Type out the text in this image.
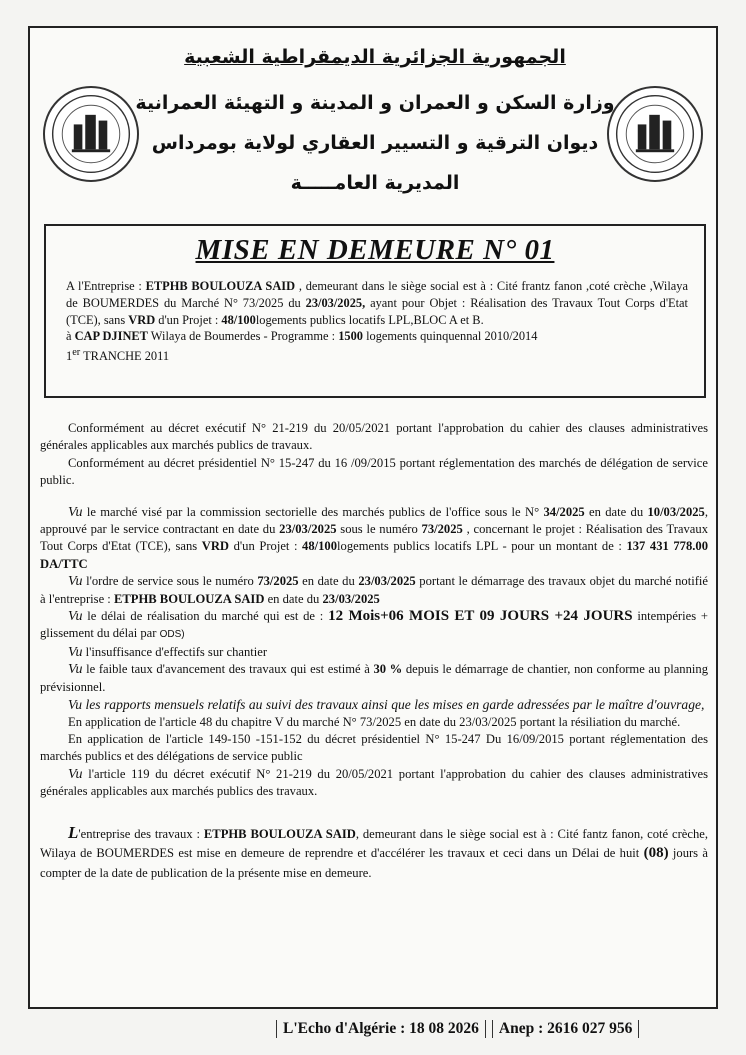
الجمهورية الجزائرية الديمقراطية الشعبية
وزارة السكن و العمران و المدينة و التهيئة العمرانية
ديوان الترقية و التسيير العقاري لولاية بومرداس
المديرية العامـــــة
MISE EN DEMEURE N° 01

A l'Entreprise : ETPHB BOULOUZA SAID , demeurant dans le siège social est à : Cité frantz fanon ,coté crèche ,Wilaya de BOUMERDES du Marché N° 73/2025 du 23/03/2025, ayant pour Objet : Réalisation des Travaux Tout Corps d'Etat (TCE), sans VRD d'un Projet : 48/100logements publics locatifs LPL,BLOC A et B.

à CAP DJINET Wilaya de Boumerdes - Programme : 1500 logements quinquennal 2010/2014

1er TRANCHE 2011

Conformément au décret exécutif N° 21-219 du 20/05/2021 portant l'approbation du cahier des clauses administratives générales applicables aux marchés publics de travaux.

Conformément au décret présidentiel N° 15-247 du 16 /09/2015 portant réglementation des marchés de délégation de service public.

Vu le marché visé par la commission sectorielle des marchés publics de l'office sous le N° 34/2025 en date du 10/03/2025, approuvé par le service contractant en date du 23/03/2025 sous le numéro 73/2025 , concernant le projet : Réalisation des Travaux Tout Corps d'Etat (TCE), sans VRD d'un Projet : 48/100logements publics locatifs LPL - pour un montant de : 137 431 778.00 DA/TTC

Vu l'ordre de service sous le numéro 73/2025 en date du 23/03/2025 portant le démarrage des travaux objet du marché notifié à l'entreprise : ETPHB BOULOUZA SAID en date du 23/03/2025

Vu le délai de réalisation du marché qui est de : 12 Mois+06 MOIS ET 09 JOURS +24 JOURS intempéries + glissement du délai par ODS)

Vu l'insuffisance d'effectifs sur chantier

Vu le faible taux d'avancement des travaux qui est estimé à 30 % depuis le démarrage de chantier, non conforme au planning prévisionnel.

Vu les rapports mensuels relatifs au suivi des travaux ainsi que les mises en garde adressées par le maître d'ouvrage,

En application de l'article 48 du chapitre V du marché N° 73/2025 en date du 23/03/2025 portant la résiliation du marché.

En application de l'article 149-150 -151-152 du décret présidentiel N° 15-247 Du 16/09/2015 portant réglementation des marchés publics et des délégations de service public

Vu l'article 119 du décret exécutif N° 21-219 du 20/05/2021 portant l'approbation du cahier des clauses administratives générales applicables aux marchés publics des travaux.

L'entreprise des travaux : ETPHB BOULOUZA SAID, demeurant dans le siège social est à : Cité fantz fanon, coté crèche, Wilaya de BOUMERDES est mise en demeure de reprendre et d'accélérer les travaux et ceci dans un Délai de huit (08) jours à compter de la date de publication de la présente mise en demeure.

L'Echo d'Algérie : 18 08 2026 Anep : 2616 027 956
